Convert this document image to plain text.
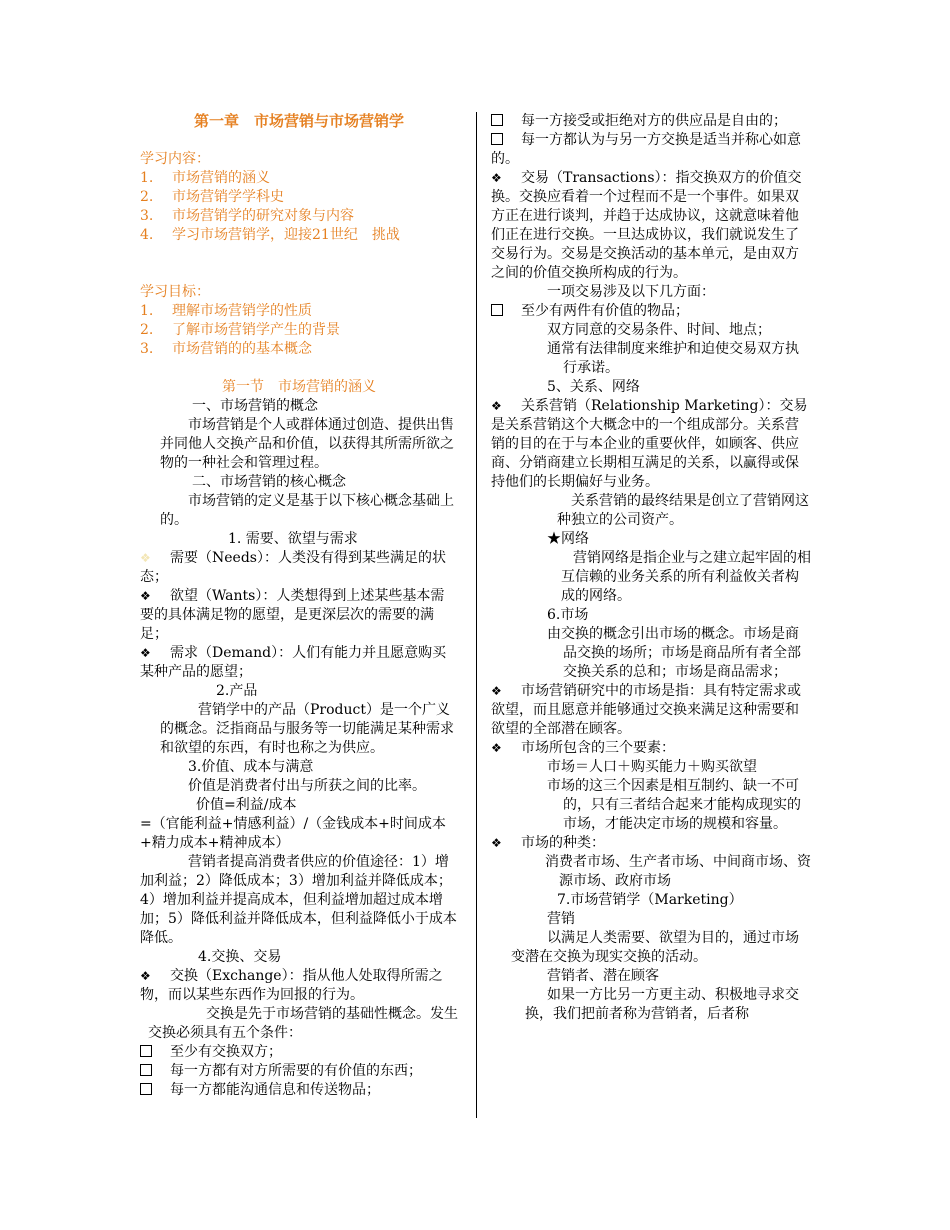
第一章　市场营销与市场营销学

学习内容：

1. 市场营销的涵义

2. 市场营销学学科史

3. 市场营销学的研究对象与内容

4. 学习市场营销学，迎接21世纪　挑战

学习目标：

1. 理解市场营销学的性质

2. 了解市场营销学产生的背景

3. 市场营销的的基本概念

第一节　市场营销的涵义

一、市场营销的概念

市场营销是个人或群体通过创造、提供出售并同他人交换产品和价值，以获得其所需所欲之物的一种社会和管理过程。

二、市场营销的核心概念

市场营销的定义是基于以下核心概念基础上的。

1. 需要、欲望与需求

❖ 需要（Needs）：人类没有得到某些满足的状态；

❖ 欲望（Wants）：人类想得到上述某些基本需要的具体满足物的愿望，是更深层次的需要的满足；

❖ 需求（Demand）：人们有能力并且愿意购买某种产品的愿望；

2.产品

营销学中的产品（Product）是一个广义的概念。泛指商品与服务等一切能满足某种需求和欲望的东西，有时也称之为供应。

3.价值、成本与满意

价值是消费者付出与所获之间的比率。

价值=利益/成本

=（官能利益+情感利益）/（金钱成本+时间成本+精力成本+精神成本）

营销者提高消费者供应的价值途径：1）增加利益；2）降低成本；3）增加利益并降低成本；4）增加利益并提高成本，但利益增加超过成本增加；5）降低利益并降低成本，但利益降低小于成本降低。

4.交换、交易

❖ 交换（Exchange）：指从他人处取得所需之物，而以某些东西作为回报的行为。

交换是先于市场营销的基础性概念。发生交换必须具有五个条件：

至少有交换双方；

每一方都有对方所需要的有价值的东西；

每一方都能沟通信息和传送物品；

每一方接受或拒绝对方的供应品是自由的；

每一方都认为与另一方交换是适当并称心如意的。

❖ 交易（Transactions）：指交换双方的价值交换。交换应看着一个过程而不是一个事件。如果双方正在进行谈判，并趋于达成协议，这就意味着他们正在进行交换。一旦达成协议，我们就说发生了交易行为。交易是交换活动的基本单元，是由双方之间的价值交换所构成的行为。

一项交易涉及以下几方面：

至少有两件有价值的物品；

双方同意的交易条件、时间、地点；

通常有法律制度来维护和迫使交易双方执行承诺。

5、关系、网络

❖ 关系营销（Relationship Marketing）：交易是关系营销这个大概念中的一个组成部分。关系营销的目的在于与本企业的重要伙伴，如顾客、供应商、分销商建立长期相互满足的关系，以赢得或保持他们的长期偏好与业务。

关系营销的最终结果是创立了营销网这种独立的公司资产。

★网络

营销网络是指企业与之建立起牢固的相互信赖的业务关系的所有利益攸关者构成的网络。

6.市场

由交换的概念引出市场的概念。市场是商品交换的场所；市场是商品所有者全部交换关系的总和；市场是商品需求；

❖ 市场营销研究中的市场是指：具有特定需求或欲望，而且愿意并能够通过交换来满足这种需要和欲望的全部潜在顾客。

❖ 市场所包含的三个要素：

市场＝人口＋购买能力＋购买欲望

市场的这三个因素是相互制约、缺一不可的，只有三者结合起来才能构成现实的市场，才能决定市场的规模和容量。

❖ 市场的种类：

消费者市场、生产者市场、中间商市场、资源市场、政府市场

7.市场营销学（Marketing）

营销

以满足人类需要、欲望为目的，通过市场变潜在交换为现实交换的活动。

营销者、潜在顾客

如果一方比另一方更主动、积极地寻求交换，我们把前者称为营销者，后者称
